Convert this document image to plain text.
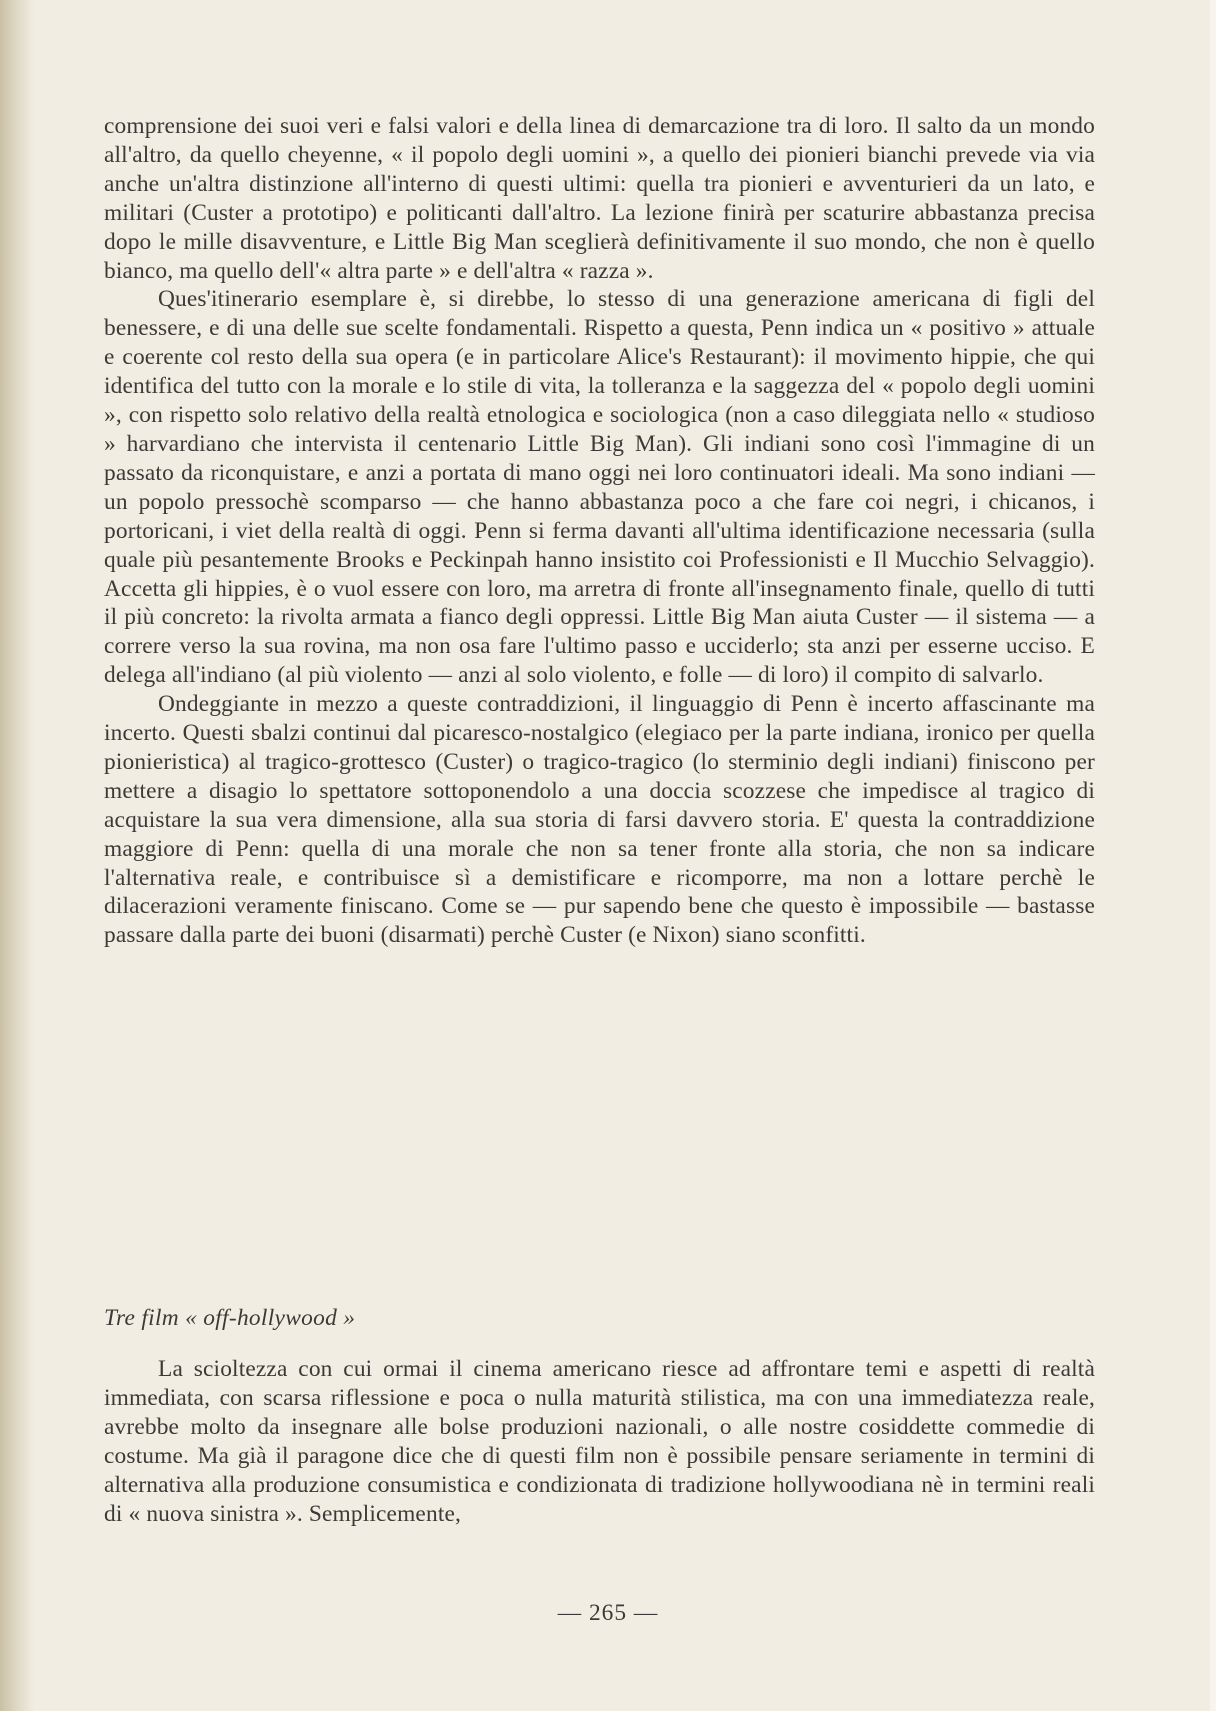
comprensione dei suoi veri e falsi valori e della linea di demarcazione tra di loro. Il salto da un mondo all'altro, da quello cheyenne, « il popolo degli uomini », a quello dei pionieri bianchi prevede via via anche un'altra distinzione all'interno di questi ultimi: quella tra pionieri e avventurieri da un lato, e militari (Custer a prototipo) e politicanti dall'altro. La lezione finirà per scaturire abbastanza precisa dopo le mille disavventure, e Little Big Man sceglierà definitivamente il suo mondo, che non è quello bianco, ma quello dell'« altra parte » e dell'altra « razza ».

Ques'itinerario esemplare è, si direbbe, lo stesso di una generazione americana di figli del benessere, e di una delle sue scelte fondamentali. Rispetto a questa, Penn indica un « positivo » attuale e coerente col resto della sua opera (e in particolare Alice's Restaurant): il movimento hippie, che qui identifica del tutto con la morale e lo stile di vita, la tolleranza e la saggezza del « popolo degli uomini », con rispetto solo relativo della realtà etnologica e sociologica (non a caso dileggiata nello « studioso » harvardiano che intervista il centenario Little Big Man). Gli indiani sono così l'immagine di un passato da riconquistare, e anzi a portata di mano oggi nei loro continuatori ideali. Ma sono indiani — un popolo pressochè scomparso — che hanno abbastanza poco a che fare coi negri, i chicanos, i portoricani, i viet della realtà di oggi. Penn si ferma davanti all'ultima identificazione necessaria (sulla quale più pesantemente Brooks e Peckinpah hanno insistito coi Professionisti e Il Mucchio Selvaggio). Accetta gli hippies, è o vuol essere con loro, ma arretra di fronte all'insegnamento finale, quello di tutti il più concreto: la rivolta armata a fianco degli oppressi. Little Big Man aiuta Custer — il sistema — a correre verso la sua rovina, ma non osa fare l'ultimo passo e ucciderlo; sta anzi per esserne ucciso. E delega all'indiano (al più violento — anzi al solo violento, e folle — di loro) il compito di salvarlo.

Ondeggiante in mezzo a queste contraddizioni, il linguaggio di Penn è incerto affascinante ma incerto. Questi sbalzi continui dal picaresco-nostalgico (elegiaco per la parte indiana, ironico per quella pionieristica) al tragico-grottesco (Custer) o tragico-tragico (lo sterminio degli indiani) finiscono per mettere a disagio lo spettatore sottoponendolo a una doccia scozzese che impedisce al tragico di acquistare la sua vera dimensione, alla sua storia di farsi davvero storia. E' questa la contraddizione maggiore di Penn: quella di una morale che non sa tener fronte alla storia, che non sa indicare l'alternativa reale, e contribuisce sì a demistificare e ricomporre, ma non a lottare perchè le dilacerazioni veramente finiscano. Come se — pur sapendo bene che questo è impossibile — bastasse passare dalla parte dei buoni (disarmati) perchè Custer (e Nixon) siano sconfitti.

Tre film « off-hollywood »

La scioltezza con cui ormai il cinema americano riesce ad affrontare temi e aspetti di realtà immediata, con scarsa riflessione e poca o nulla maturità stilistica, ma con una immediatezza reale, avrebbe molto da insegnare alle bolse produzioni nazionali, o alle nostre cosiddette commedie di costume. Ma già il paragone dice che di questi film non è possibile pensare seriamente in termini di alternativa alla produzione consumistica e condizionata di tradizione hollywoodiana nè in termini reali di « nuova sinistra ». Semplicemente,

— 265 —
